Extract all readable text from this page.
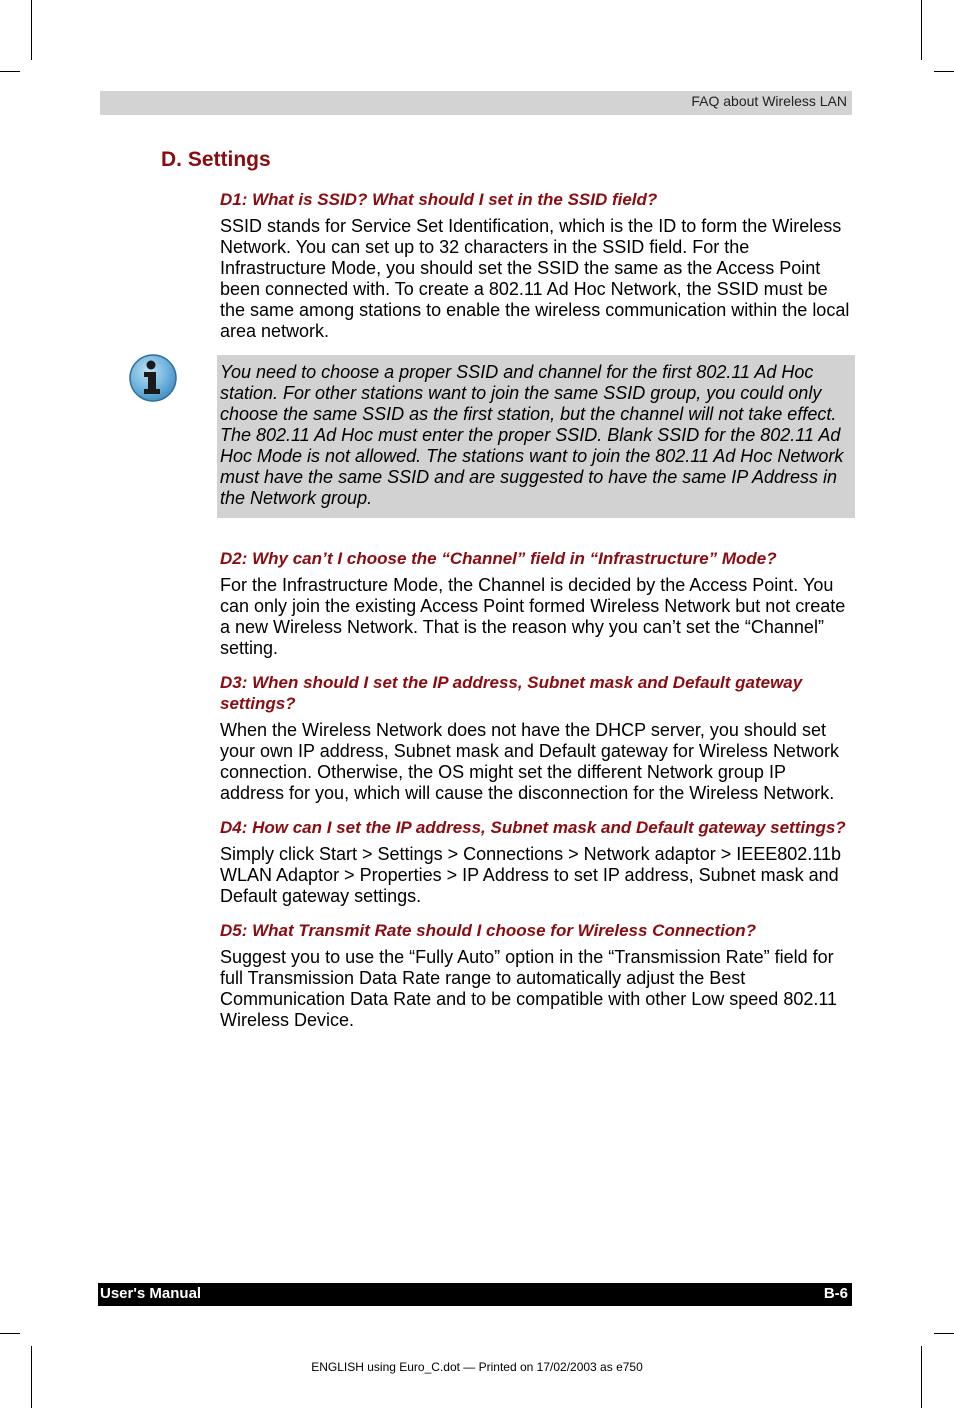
FAQ about Wireless LAN
D. Settings

D1: What is SSID? What should I set in the SSID field?

SSID stands for Service Set Identification, which is the ID to form the Wireless Network. You can set up to 32 characters in the SSID field. For the Infrastructure Mode, you should set the SSID the same as the Access Point been connected with. To create a 802.11 Ad Hoc Network, the SSID must be the same among stations to enable the wireless communication within the local area network.

You need to choose a proper SSID and channel for the first 802.11 Ad Hoc station. For other stations want to join the same SSID group, you could only choose the same SSID as the first station, but the channel will not take effect. The 802.11 Ad Hoc must enter the proper SSID. Blank SSID for the 802.11 Ad Hoc Mode is not allowed. The stations want to join the 802.11 Ad Hoc Network must have the same SSID and are suggested to have the same IP Address in the Network group.

D2: Why can’t I choose the “Channel” field in “Infrastructure” Mode?

For the Infrastructure Mode, the Channel is decided by the Access Point. You can only join the existing Access Point formed Wireless Network but not create a new Wireless Network. That is the reason why you can’t set the “Channel” setting.

D3: When should I set the IP address, Subnet mask and Default gateway settings?

When the Wireless Network does not have the DHCP server, you should set your own IP address, Subnet mask and Default gateway for Wireless Network connection. Otherwise, the OS might set the different Network group IP address for you, which will cause the disconnection for the Wireless Network.

D4: How can I set the IP address, Subnet mask and Default gateway settings?

Simply click Start > Settings > Connections > Network adaptor > IEEE802.11b WLAN Adaptor > Properties > IP Address to set IP address, Subnet mask and Default gateway settings.

D5: What Transmit Rate should I choose for Wireless Connection?

Suggest you to use the “Fully Auto” option in the “Transmission Rate” field for full Transmission Data Rate range to automatically adjust the Best Communication Data Rate and to be compatible with other Low speed 802.11 Wireless Device.

User's Manual	B-6
ENGLISH using Euro_C.dot — Printed on 17/02/2003 as e750
